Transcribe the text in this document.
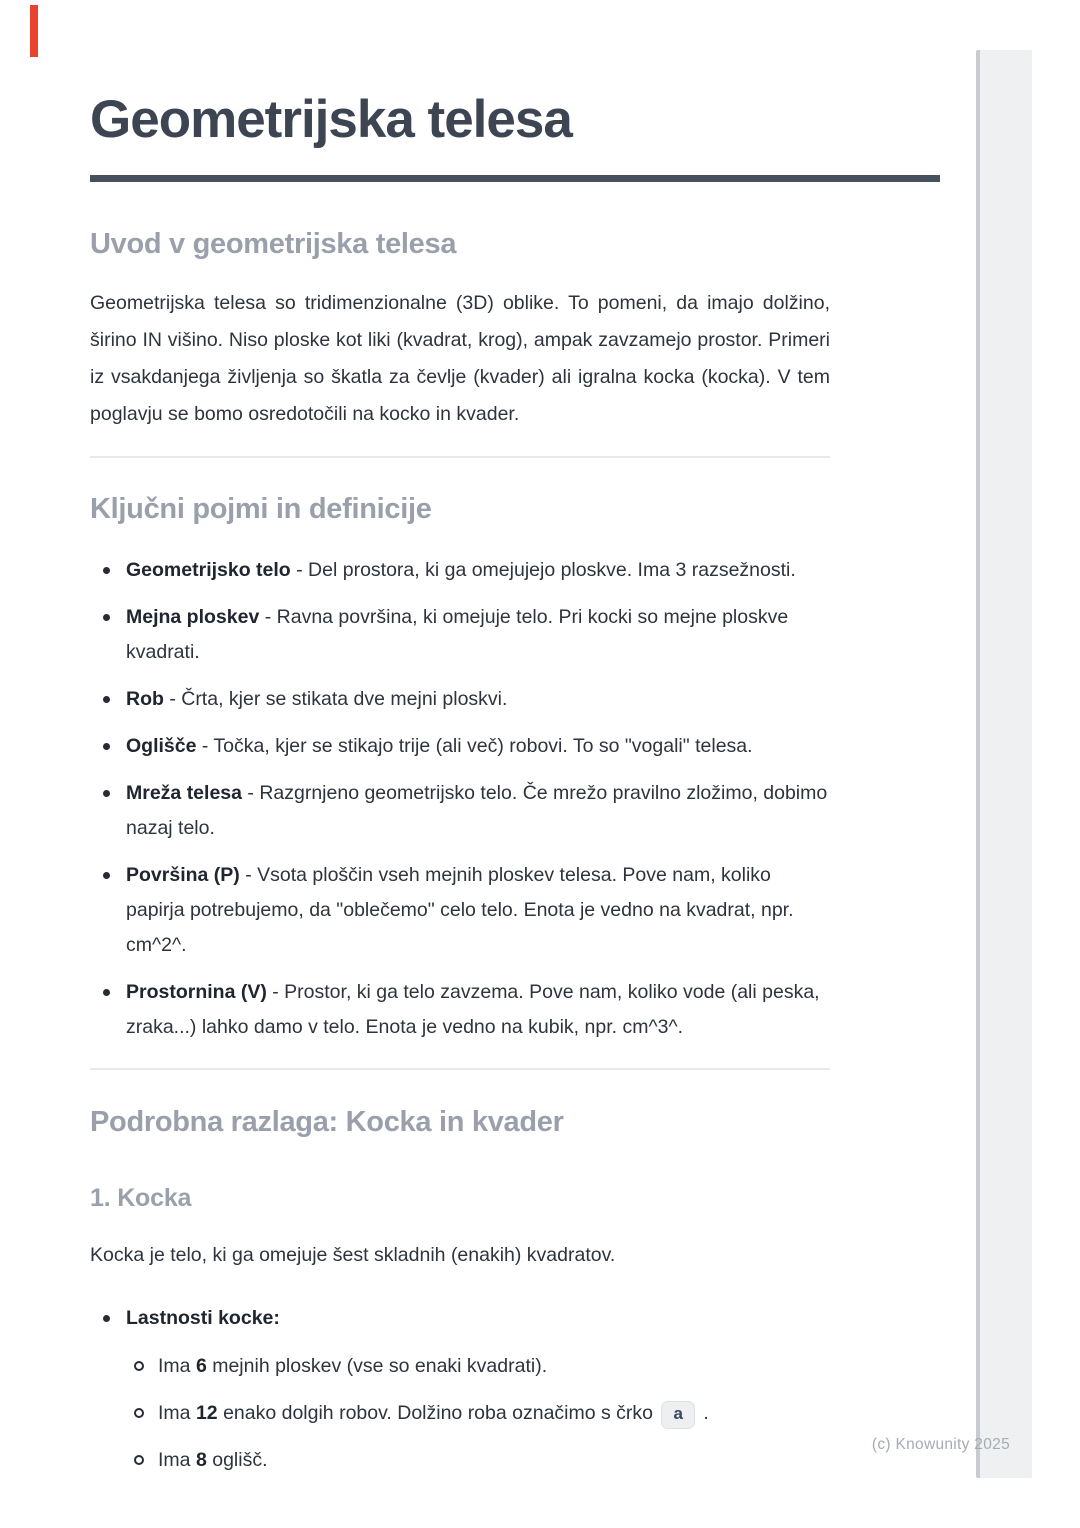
Geometrijska telesa
Uvod v geometrijska telesa

Geometrijska telesa so tridimenzionalne (3D) oblike. To pomeni, da imajo dolžino, širino IN višino. Niso ploske kot liki (kvadrat, krog), ampak zavzamejo prostor. Primeri iz vsakdanjega življenja so škatla za čevlje (kvader) ali igralna kocka (kocka). V tem poglavju se bomo osredotočili na kocko in kvader.

Ključni pojmi in definicije
Geometrijsko telo - Del prostora, ki ga omejujejo ploskve. Ima 3 razsežnosti.
Mejna ploskev - Ravna površina, ki omejuje telo. Pri kocki so mejne ploskve kvadrati.
Rob - Črta, kjer se stikata dve mejni ploskvi.
Oglišče - Točka, kjer se stikajo trije (ali več) robovi. To so "vogali" telesa.
Mreža telesa - Razgrnjeno geometrijsko telo. Če mrežo pravilno zložimo, dobimo nazaj telo.
Površina (P) - Vsota ploščin vseh mejnih ploskev telesa. Pove nam, koliko papirja potrebujemo, da "oblečemo" celo telo. Enota je vedno na kvadrat, npr. cm^2^.
Prostornina (V) - Prostor, ki ga telo zavzema. Pove nam, koliko vode (ali peska, zraka...) lahko damo v telo. Enota je vedno na kubik, npr. cm^3^.
Podrobna razlaga: Kocka in kvader
1. Kocka

Kocka je telo, ki ga omejuje šest skladnih (enakih) kvadratov.

Lastnosti kocke:
Ima 6 mejnih ploskev (vse so enaki kvadrati).
Ima 12 enako dolgih robov. Dolžino roba označimo s črko a .
Ima 8 oglišč.
(c) Knowunity 2025
